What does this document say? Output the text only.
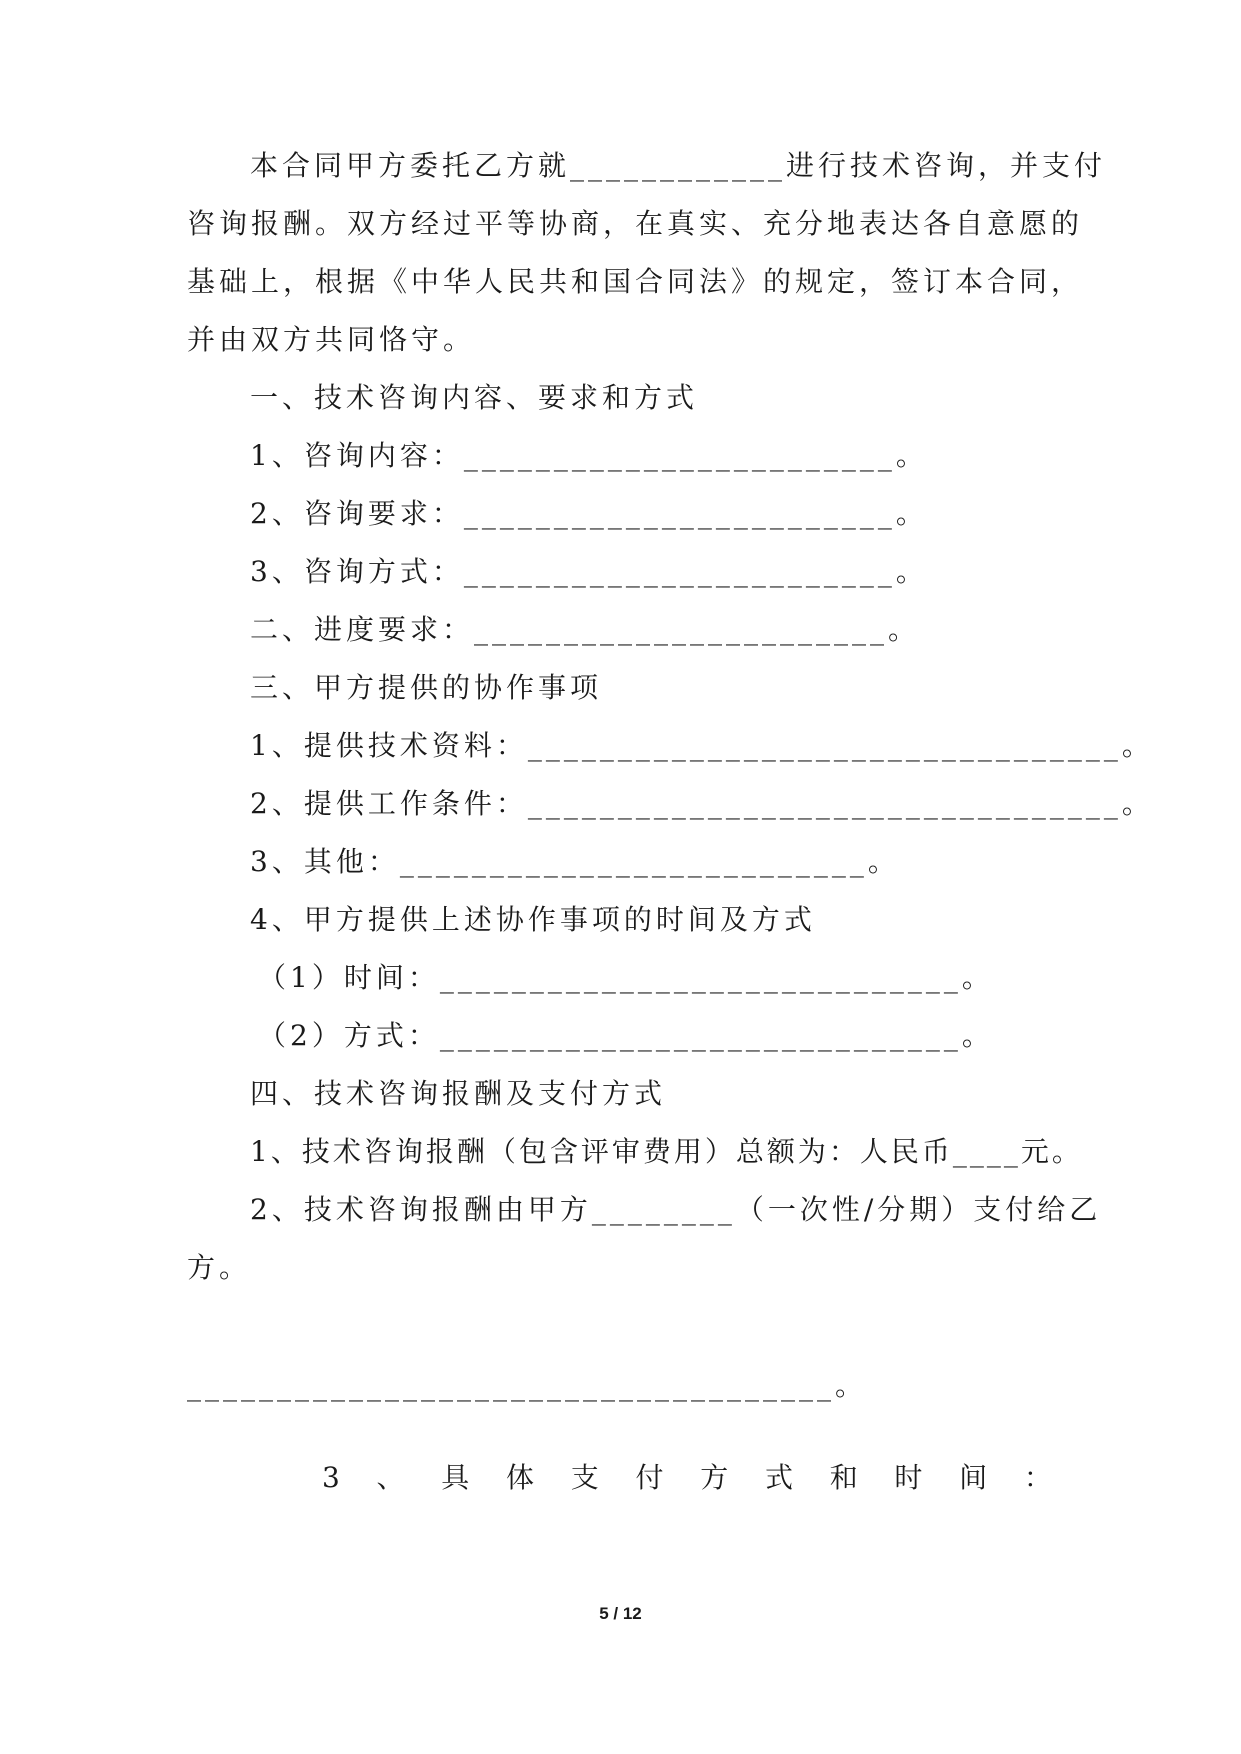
本合同甲方委托乙方就____________进行技术咨询，并支付

咨询报酬。双方经过平等协商，在真实、充分地表达各自意愿的

基础上，根据《中华人民共和国合同法》的规定，签订本合同，

并由双方共同恪守。

一、技术咨询内容、要求和方式

1、咨询内容：________________________。

2、咨询要求：________________________。

3、咨询方式：________________________。

二、进度要求：_______________________。

三、甲方提供的协作事项

1、提供技术资料：_________________________________。

2、提供工作条件：_________________________________。

3、其他：__________________________。

4、甲方提供上述协作事项的时间及方式

（1）时间：_____________________________。

（2）方式：_____________________________。

四、技术咨询报酬及支付方式

1、技术咨询报酬（包含评审费用）总额为：人民币____元。

2、技术咨询报酬由甲方________（一次性/分期）支付给乙

方。

3 、 具 体 支 付 方 式 和 时 间 ：

____________________________________。

5 / 12
